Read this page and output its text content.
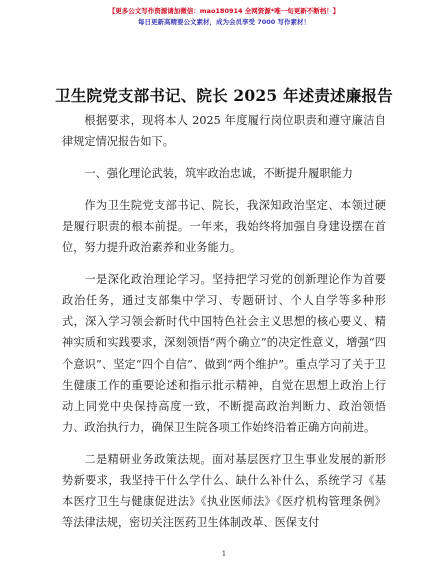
【更多公文写作资源请加微信：mao180914 全网资源*唯一旬更新不断档！】
每日更新高精要公文素材，成为会员享受 7000 写作素材！
卫生院党支部书记、院长 2025 年述责述廉报告

根据要求，现将本人 2025 年度履行岗位职责和遵守廉洁自律规定情况报告如下。

一、强化理论武装，筑牢政治忠诚，不断提升履职能力

作为卫生院党支部书记、院长，我深知政治坚定、本领过硬是履行职责的根本前提。一年来，我始终将加强自身建设摆在首位，努力提升政治素养和业务能力。

一是深化政治理论学习。坚持把学习党的创新理论作为首要政治任务，通过支部集中学习、专题研讨、个人自学等多种形式，深入学习领会新时代中国特色社会主义思想的核心要义、精神实质和实践要求，深刻领悟“两个确立”的决定性意义，增强“四个意识”、坚定“四个自信”、做到“两个维护”。重点学习了关于卫生健康工作的重要论述和指示批示精神，自觉在思想上政治上行动上同党中央保持高度一致，不断提高政治判断力、政治领悟力、政治执行力，确保卫生院各项工作始终沿着正确方向前进。

二是精研业务政策法规。面对基层医疗卫生事业发展的新形势新要求，我坚持干什么学什么、缺什么补什么，系统学习《基本医疗卫生与健康促进法》《执业医师法》《医疗机构管理条例》等法律法规，密切关注医药卫生体制改革、医保支付

1
